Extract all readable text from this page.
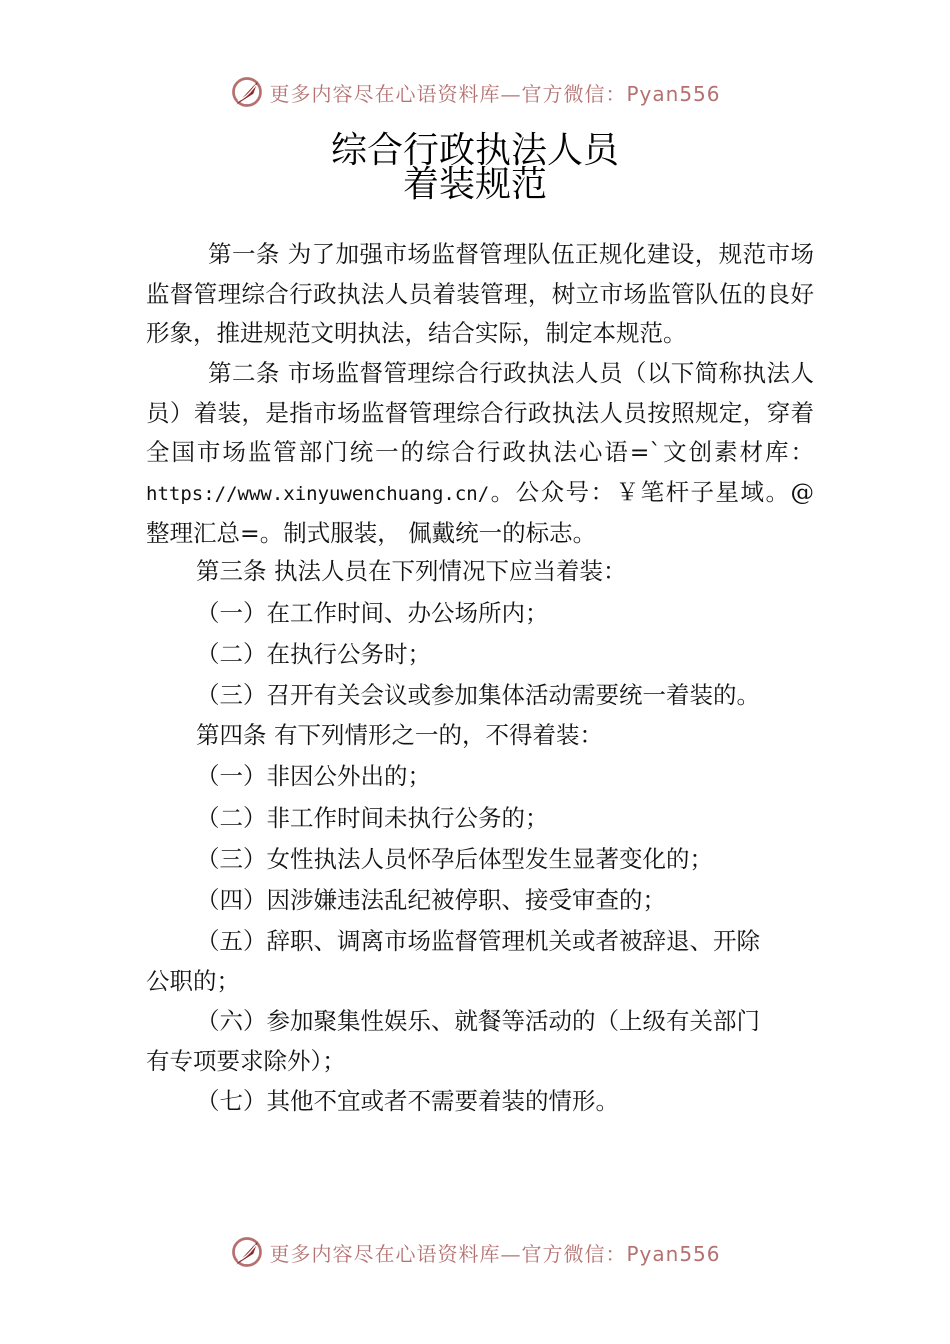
更多内容尽在心语资料库—官方微信：Pyan556
综合行政执法人员
着装规范

第一条 为了加强市场监督管理队伍正规化建设，规范市场监督管理综合行政执法人员着装管理，树立市场监管队伍的良好形象，推进规范文明执法，结合实际，制定本规范。

第二条 市场监督管理综合行政执法人员（以下简称执法人员）着装，是指市场监督管理综合行政执法人员按照规定，穿着全国市场监管部门统一的综合行政执法心语=`文创素材库：https://www.xinyuwenchuang.cn/。公众号：￥笔杆子星域。@整理汇总=。制式服装， 佩戴统一的标志。

第三条 执法人员在下列情况下应当着装：

（一）在工作时间、办公场所内；

（二）在执行公务时；

（三）召开有关会议或参加集体活动需要统一着装的。

第四条 有下列情形之一的，不得着装：

（一）非因公外出的；

（二）非工作时间未执行公务的；

（三）女性执法人员怀孕后体型发生显著变化的；

（四）因涉嫌违法乱纪被停职、接受审查的；

（五）辞职、调离市场监督管理机关或者被辞退、开除

公职的；

（六）参加聚集性娱乐、就餐等活动的（上级有关部门

有专项要求除外）；

（七）其他不宜或者不需要着装的情形。

更多内容尽在心语资料库—官方微信：Pyan556
